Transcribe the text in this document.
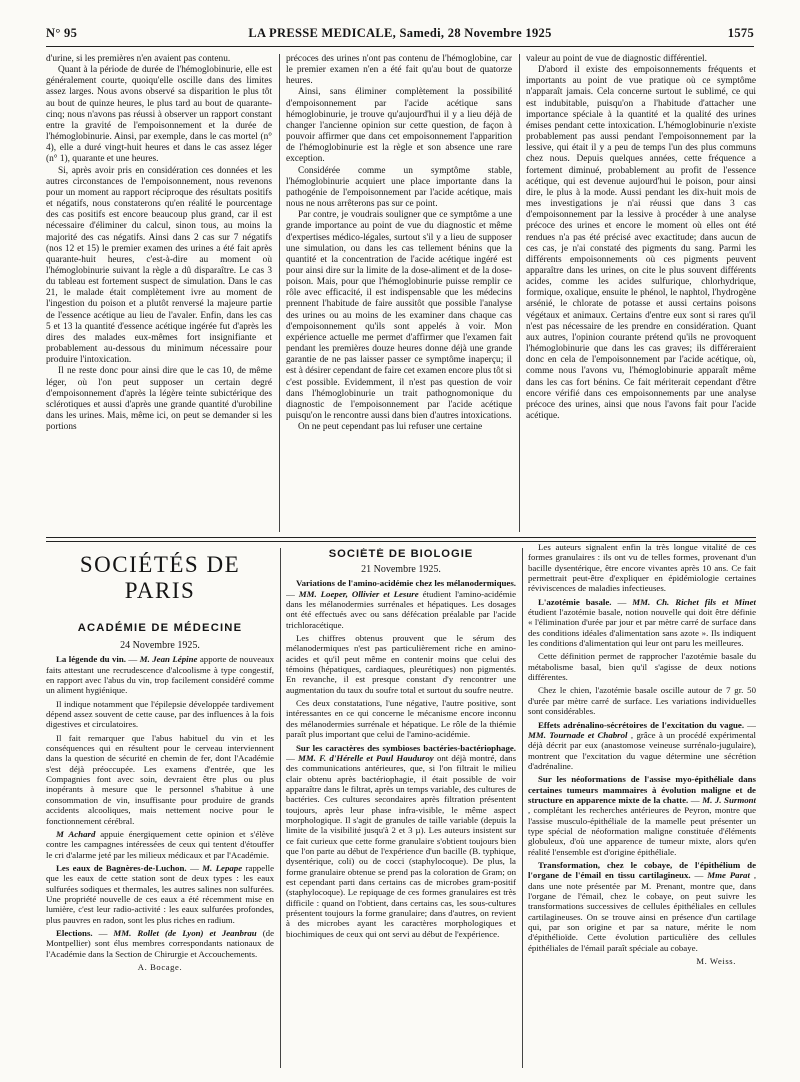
N° 95	LA PRESSE MEDICALE, Samedi, 28 Novembre 1925	1575

d'urine, si les premières n'en avaient pas contenu.

Quant à la période de durée de l'hémoglobinurie, elle est généralement courte, quoiqu'elle oscille dans des limites assez larges. Nous avons observé sa disparition le plus tôt au bout de quinze heures, le plus tard au bout de quarante-cinq; nous n'avons pas réussi à observer un rapport constant entre la gravité de l'empoisonnement et la durée de l'hémoglobinurie. Ainsi, par exemple, dans le cas mortel (n° 4), elle a duré vingt-huit heures et dans le cas assez léger (n° 1), quarante et une heures.

Si, après avoir pris en considération ces données et les autres circonstances de l'empoisonnement, nous revenons pour un moment au rapport réciproque des résultats positifs et négatifs, nous constaterons qu'en réalité le pourcentage des cas positifs est encore beaucoup plus grand, car il est nécessaire d'éliminer du calcul, sinon tous, au moins la majorité des cas négatifs. Ainsi dans 2 cas sur 7 négatifs (nos 12 et 15) le premier examen des urines a été fait après quarante-huit heures, c'est-à-dire au moment où l'hémoglobinurie suivant la règle a dû disparaître. Le cas 3 du tableau est fortement suspect de simulation. Dans le cas 21, le malade était complètement ivre au moment de l'ingestion du poison et a plutôt renversé la majeure partie de l'essence acétique au lieu de l'avaler. Enfin, dans les cas 5 et 13 la quantité d'essence acétique ingérée fut d'après les dires des malades eux-mêmes fort insignifiante et probablement au-dessous du minimum nécessaire pour produire l'intoxication.

Il ne reste donc pour ainsi dire que le cas 10, de même léger, où l'on peut supposer un certain degré d'empoisonnement d'après la légère teinte subictérique des sclérotiques et aussi d'après une grande quantité d'urobiline dans les urines. Mais, même ici, on peut se demander si les portions

précoces des urines n'ont pas contenu de l'hémoglobine, car le premier examen n'en a été fait qu'au bout de quatorze heures.

Ainsi, sans éliminer complètement la possibilité d'empoisonnement par l'acide acétique sans hémoglobinurie, je trouve qu'aujourd'hui il y a lieu déjà de changer l'ancienne opinion sur cette question, de façon à pouvoir affirmer que dans cet empoisonnement l'apparition de l'hémoglobinurie est la règle et son absence une rare exception.

Considérée comme un symptôme stable, l'hémoglobinurie acquiert une place importante dans la pathogénie de l'empoisonnement par l'acide acétique, mais nous ne nous arrêterons pas sur ce point.

Par contre, je voudrais souligner que ce symptôme a une grande importance au point de vue du diagnostic et même d'expertises médico-légales, surtout s'il y a lieu de supposer une simulation, ou dans les cas tellement bénins que la quantité et la concentration de l'acide acétique ingéré est pour ainsi dire sur la limite de la dose-aliment et de la dose-poison. Mais, pour que l'hémoglobinurie puisse remplir ce rôle avec efficacité, il est indispensable que les médecins prennent l'habitude de faire aussitôt que possible l'analyse des urines ou au moins de les examiner dans chaque cas d'empoisonnement qu'ils sont appelés à voir. Mon expérience actuelle me permet d'affirmer que l'examen fait pendant les premières douze heures donne déjà une grande garantie de ne pas laisser passer ce symptôme inaperçu; il est à désirer cependant de faire cet examen encore plus tôt si c'est possible. Evidemment, il n'est pas question de voir dans l'hémoglobinurie un trait pathognomonique du diagnostic de l'empoisonnement par l'acide acétique puisqu'on le rencontre aussi dans bien d'autres intoxications.

On ne peut cependant pas lui refuser une certaine

valeur au point de vue de diagnostic différentiel.

D'abord il existe des empoisonnements fréquents et importants au point de vue pratique où ce symptôme n'apparaît jamais. Cela concerne surtout le sublimé, ce qui est indubitable, puisqu'on a l'habitude d'attacher une importance spéciale à la quantité et la qualité des urines émises pendant cette intoxication. L'hémoglobinurie n'existe probablement pas aussi pendant l'empoisonnement par la lessive, qui était il y a peu de temps l'un des plus communs chez nous. Depuis quelques années, cette fréquence a fortement diminué, probablement au profit de l'essence acétique, qui est devenue aujourd'hui le poison, pour ainsi dire, le plus à la mode. Aussi pendant les dix-huit mois de mes investigations je n'ai réussi que dans 3 cas d'empoisonnement par la lessive à procéder à une analyse précoce des urines et encore le moment où elles ont été rendues n'a pas été précisé avec exactitude; dans aucun de ces cas, je n'ai constaté des pigments du sang. Parmi les différents empoisonnements où ces pigments peuvent apparaître dans les urines, on cite le plus souvent différents acides, comme les acides sulfurique, chlorhydrique, formique, oxalique, ensuite le phénol, le naphtol, l'hydrogène arsénié, le chlorate de potasse et aussi certains poisons végétaux et animaux. Certains d'entre eux sont si rares qu'il n'est pas nécessaire de les prendre en considération. Quant aux autres, l'opinion courante prétend qu'ils ne provoquent l'hémoglobinurie que dans les cas graves; ils différeraient donc en cela de l'empoisonnement par l'acide acétique, où, comme nous l'avons vu, l'hémoglobinurie apparaît même dans les cas fort bénins. Ce fait mériterait cependant d'être encore vérifié dans ces empoisonnements par une analyse précoce des urines, ainsi que nous l'avons fait pour l'acide acétique.

SOCIÉTÉS DE PARIS
ACADÉMIE DE MÉDECINE

24 Novembre 1925.

La légende du vin. — M. Jean Lépine apporte de nouveaux faits attestant une recrudescence d'alcoolisme à type congestif, en rapport avec l'abus du vin, trop facilement considéré comme un aliment hygiénique.

Il indique notamment que l'épilepsie développée tardivement dépend assez souvent de cette cause, par des influences à la fois digestives et circulatoires.

Il fait remarquer que l'abus habituel du vin et les conséquences qui en résultent pour le cerveau interviennent dans la question de sécurité en chemin de fer, dont l'Académie s'est déjà préoccupée. Les examens d'entrée, que les Compagnies font avec soin, devraient être plus ou plus inopérants à mesure que le personnel s'habitue à une consommation de vin, insuffisante pour produire de grands accidents alcooliques, mais nettement nocive pour le fonctionnement cérébral.

M Achard appuie énergiquement cette opinion et s'élève contre les campagnes intéressées de ceux qui tentent d'étouffer le cri d'alarme jeté par les milieux médicaux et par l'Académie.

Les eaux de Bagnères-de-Luchon. — M. Lepape rappelle que les eaux de cette station sont de deux types : les eaux sulfurées sodiques et thermales, les autres salines non sulfurées. Une propriété nouvelle de ces eaux a été récemment mise en lumière, c'est leur radio-activité : les eaux sulfurées profondes, plus pauvres en radon, sont les plus riches en radium.

Elections. — MM. Rollet (de Lyon) et Jeanbrau (de Montpellier) sont élus membres correspondants nationaux de l'Académie dans la Section de Chirurgie et Accouchements.

A. Bocage.

SOCIÉTÉ DE BIOLOGIE

21 Novembre 1925.

Variations de l'amino-acidémie chez les mélanodermiques. — MM. Loeper, Ollivier et Lesure étudient l'amino-acidémie dans les mélanodermies surrénales et hépatiques. Les dosages ont été effectués avec ou sans défécation préalable par l'acide trichloracétique.

Les chiffres obtenus prouvent que le sérum des mélanodermiques n'est pas particulièrement riche en amino-acides et qu'il peut même en contenir moins que celui des témoins (hépatiques, cardiaques, pleurétiques) non pigmentés. En revanche, il est presque constant d'y rencontrer une augmentation du taux du soufre total et surtout du soufre neutre.

Ces deux constatations, l'une négative, l'autre positive, sont intéressantes en ce qui concerne le mécanisme encore inconnu des mélanodermies surrénale et hépatique. Le rôle de la thiémie paraît plus important que celui de l'amino-acidémie.

Sur les caractères des symbioses bactéries-bactériophage. — MM. F. d'Hérelle et Paul Hauduroy ont déjà montré, dans des communications antérieures, que, si l'on filtrait le milieu clair obtenu après bactériophagie, il était possible de voir apparaître dans le filtrat, après un temps variable, des cultures de bactéries. Ces cultures secondaires après filtration présentent toujours, après leur phase infra-visible, le même aspect morphologique. Il s'agit de granules de taille variable (depuis la limite de la visibilité jusqu'à 2 et 3 µ). Les auteurs insistent sur ce fait curieux que cette forme granulaire s'obtient toujours bien que l'on parte au début de l'expérience d'un bacille (B. typhique, dysentérique, coli) ou de cocci (staphylocoque). De plus, la forme granulaire obtenue se prend pas la coloration de Gram; on est cependant parti dans certains cas de microbes gram-positif (staphylocoque). Le repiquage de ces formes granulaires est très difficile : quand on l'obtient, dans certains cas, les sous-cultures présentent toujours la forme granulaire; dans d'autres, on revient à des microbes ayant les caractères morphologiques et biochimiques de ceux qui ont servi au début de l'expérience.

Les auteurs signalent enfin la très longue vitalité de ces formes granulaires : ils ont vu de telles formes, provenant d'un bacille dysentérique, être encore vivantes après 10 ans. Ce fait permettrait peut-être d'expliquer en épidémiologie certaines réviviscences de maladies infectieuses.

L'azotémie basale. — MM. Ch. Richet fils et Minet étudient l'azotémie basale, notion nouvelle qui doit être définie « l'élimination d'urée par jour et par mètre carré de surface dans des conditions idéales d'alimentation sans azote ». Ils indiquent les conditions d'alimentation qui leur ont paru les meilleures.

Cette définition permet de rapprocher l'azotémie basale du métabolisme basal, bien qu'il s'agisse de deux notions différentes.

Chez le chien, l'azotémie basale oscille autour de 7 gr. 50 d'urée par mètre carré de surface. Les variations individuelles sont considérables.

Effets adrénalino-sécrétoires de l'excitation du vague. — MM. Tournade et Chabrol , grâce à un procédé expérimental déjà décrit par eux (anastomose veineuse surrénalo-jugulaire), montrent que l'excitation du vague détermine une sécrétion d'adrénaline.

Sur les néoformations de l'assise myo-épithéliale dans certaines tumeurs mammaires à évolution maligne et de structure en apparence mixte de la chatte. — M. J. Surmont , complétant les recherches antérieures de Peyron, montre que l'assise musculo-épithéliale de la mamelle peut présenter un type spécial de néoformation maligne constituée d'éléments globuleux, d'où une apparence de tumeur mixte, alors qu'en réalité l'ensemble est d'origine épithéliale.

Transformation, chez le cobaye, de l'épithélium de l'organe de l'émail en tissu cartilagineux. — Mme Parat , dans une note présentée par M. Prenant, montre que, dans l'organe de l'émail, chez le cobaye, on peut suivre les transformations successives de cellules épithéliales en cellules cartilagineuses. On se trouve ainsi en présence d'un cartilage qui, par son origine et par sa nature, mérite le nom d'épithélioïde. Cette évolution particulière des cellules épithéliales de l'émail paraît spéciale au cobaye.

M. Weiss.
